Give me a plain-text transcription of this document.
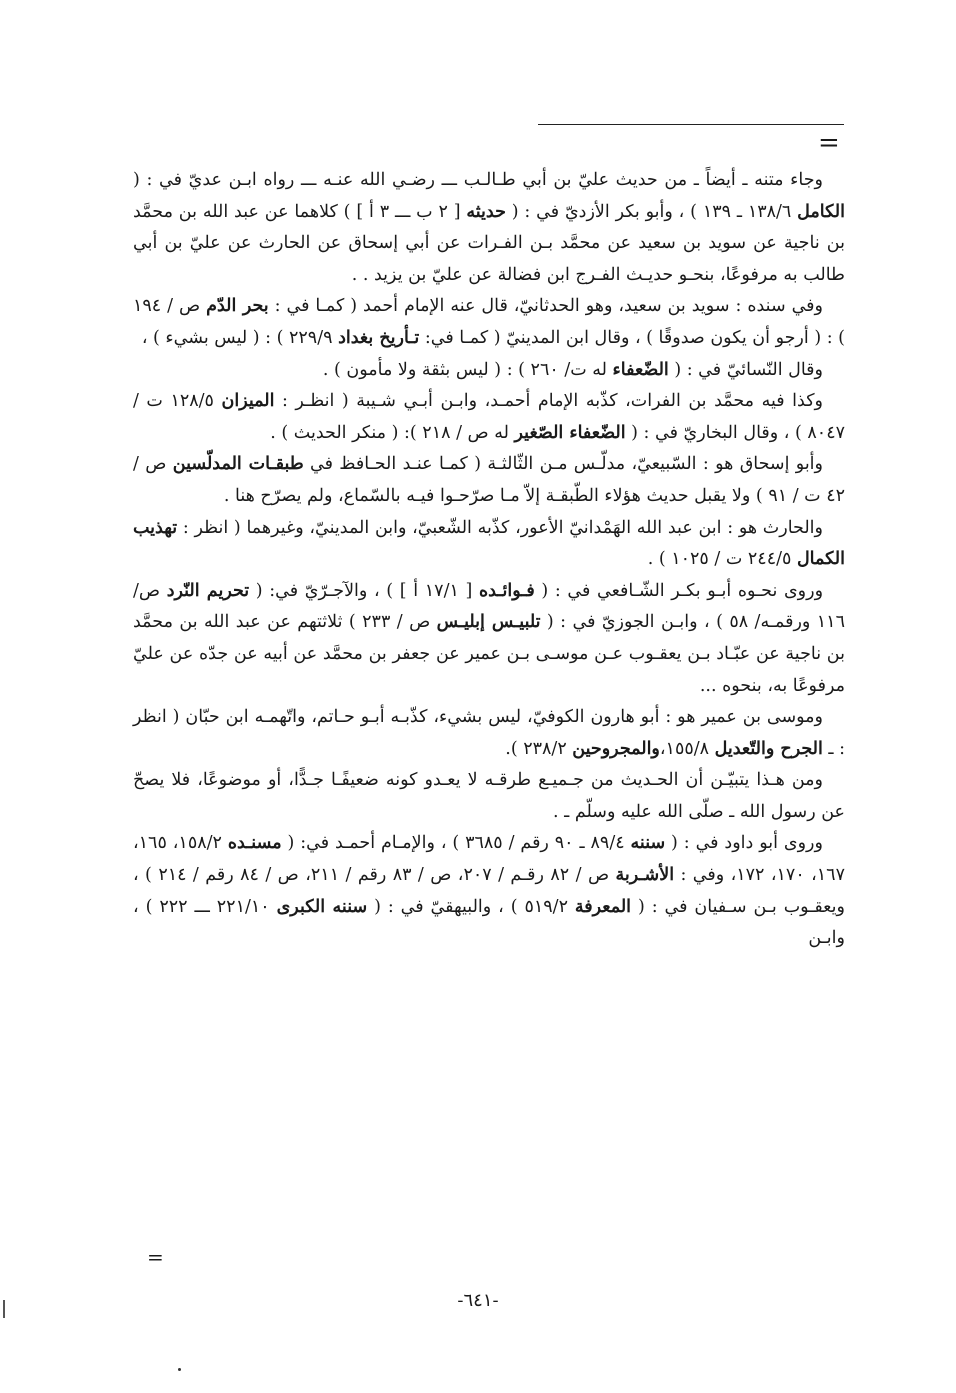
=

وجاء متنه ـ أيضاً ـ من حديث عليّ بن أبي طـالـب ـــ رضـي الله عنـه ـــ رواه ابـن عديّ في : ( الكامل ١٣٨/٦ ـ ١٣٩ ) ، وأبو بكر الأزديّ في : ( حديثه [ ٢ ب ـــ ٣ أ ] ) كلاهما عن عبد الله بن محمَّد بن ناجية عن سويد بن سعيد عن محمَّد بـن الفـرات عن أبي إسحاق عن الحارث عن عليّ بن أبي طالب به مرفوعًا، بنحـو حديـث الفـرج ابن فضالة عن عليّ بن يزيد . .

وفي سنده : سويد بن سعيد، وهو الحدثانيّ، قال عنه الإمام أحمد ( كمـا في : بحر الدّم ص / ١٩٤ ) : ( أرجو أن يكون صدوقًا ) ، وقال ابن المدينيّ ( كمـا في: تـأريخ بغداد ٢٢٩/٩ ) : ( ليس بشيء ) ،

وقال النّسائيّ في : ( الضّعفاء له ت/ ٢٦٠ ) : ( ليس بثقة ولا مأمون ) .

وكذا فيه محمَّد بن الفرات، كذّبه الإمام أحمـد، وابـن أبـي شـيبة ( انظـر : الميزان ١٢٨/٥ ت / ٨٠٤٧ ) ، وقال البخاريّ في : ( الضّعفاء الصّغير له ص / ٢١٨ ): ( منكر الحديث ) .

وأبو إسحاق هو : السّبيعيّ، مدلّـس مـن الثّالثـة ( كمـا عنـد الحـافظ في طبقـات المدلّسين ص / ٤٢ ت / ٩١ ) ولا يقبل حديث هؤلاء الطّبقـة إلاّ مـا صرّحـوا فيـه بالسّماع، ولم يصرّح هنا .

والحارث هو : ابن عبد الله الهَمْدانيّ الأعور، كذّبه الشّعبيّ، وابن المدينيّ، وغيرهما ( انظر : تهذيب الكمال ٢٤٤/٥ ت / ١٠٢٥ ) .

وروى نحـوه أبـو بكـر الشّـافعي في : ( فـوائـده [ ١٧/١ أ ] ) ، والآجـرّيّ في: ( تحريم النّرد ص/١١٦ ورقمـه/ ٥٨ ) ، وابـن الجوزيّ في : ( تلبيـس إبليـس ص / ٢٣٣ ) ثلاثتهم عن عبد الله بن محمَّد بن ناجية عن عبّـاد بـن يعقـوب عـن موسـى بـن عمير عن جعفر بن محمَّد عن أبيه عن جدّه عن عليّ مرفوعًا به، بنحوه ...

وموسى بن عمير هو : أبو هارون الكوفيّ، ليس بشيء، كذّبـه أبـو حـاتم، واتّهمـه ابن حبّان ( انظر : ـ الجرح والتّعديل ١٥٥/٨،والمجروحين ٢٣٨/٢ ).

ومن هـذا يتبيّـن أن الحـديث من جـميـع طرقـه لا يعـدو كونه ضعيفًـا جـدًّا، أو موضوعًا، فلا يصحّ عن رسول الله ـ صلّى الله عليه وسلّم ـ .

وروى أبو داود في : ( سننه ٨٩/٤ ـ ٩٠ رقم / ٣٦٨٥ ) ، والإمـام أحمـد في: ( مسنـده ١٥٨/٢، ١٦٥، ١٦٧، ١٧٠، ١٧٢، وفي : الأشـربة ص / ٨٢ رقـم / ٢٠٧، ص / ٨٣ رقم / ٢١١، ص / ٨٤ رقم / ٢١٤ ) ، ويعقـوب بـن سـفيان في : ( المعرفة ٥١٩/٢ ) ، والبيهقيّ في : ( سننه الكبرى ٢٢١/١٠ ـــ ٢٢٢ ) ، وابـن

=
-٦٤١-
